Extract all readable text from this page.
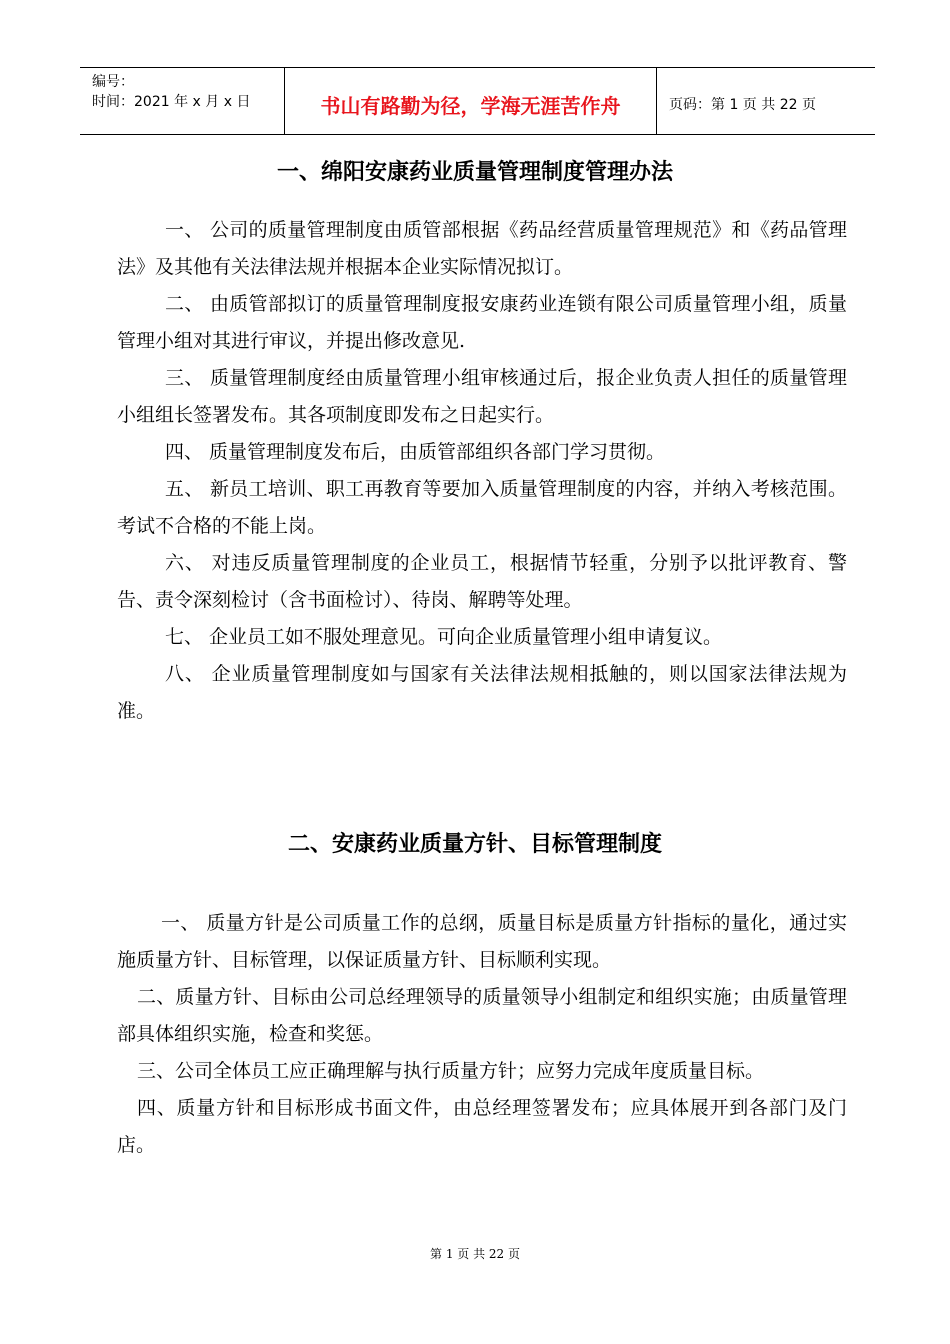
编号：
时间：2021 年 x 月 x 日	书山有路勤为径，学海无涯苦作舟	页码：第 1 页 共 22 页
一、绵阳安康药业质量管理制度管理办法

一、 公司的质量管理制度由质管部根据《药品经营质量管理规范》和《药品管理法》及其他有关法律法规并根据本企业实际情况拟订。

二、 由质管部拟订的质量管理制度报安康药业连锁有限公司质量管理小组，质量管理小组对其进行审议，并提出修改意见.

三、 质量管理制度经由质量管理小组审核通过后，报企业负责人担任的质量管理小组组长签署发布。其各项制度即发布之日起实行。

四、 质量管理制度发布后，由质管部组织各部门学习贯彻。

五、 新员工培训、职工再教育等要加入质量管理制度的内容，并纳入考核范围。考试不合格的不能上岗。

六、 对违反质量管理制度的企业员工，根据情节轻重，分别予以批评教育、警告、责令深刻检讨（含书面检讨）、待岗、解聘等处理。

七、 企业员工如不服处理意见。可向企业质量管理小组申请复议。

八、 企业质量管理制度如与国家有关法律法规相抵触的，则以国家法律法规为准。

二、安康药业质量方针、目标管理制度

一、 质量方针是公司质量工作的总纲，质量目标是质量方针指标的量化，通过实施质量方针、目标管理，以保证质量方针、目标顺利实现。

二、质量方针、目标由公司总经理领导的质量领导小组制定和组织实施；由质量管理部具体组织实施，检查和奖惩。

三、公司全体员工应正确理解与执行质量方针；应努力完成年度质量目标。

四、质量方针和目标形成书面文件，由总经理签署发布；应具体展开到各部门及门店。

第 1 页 共 22 页
